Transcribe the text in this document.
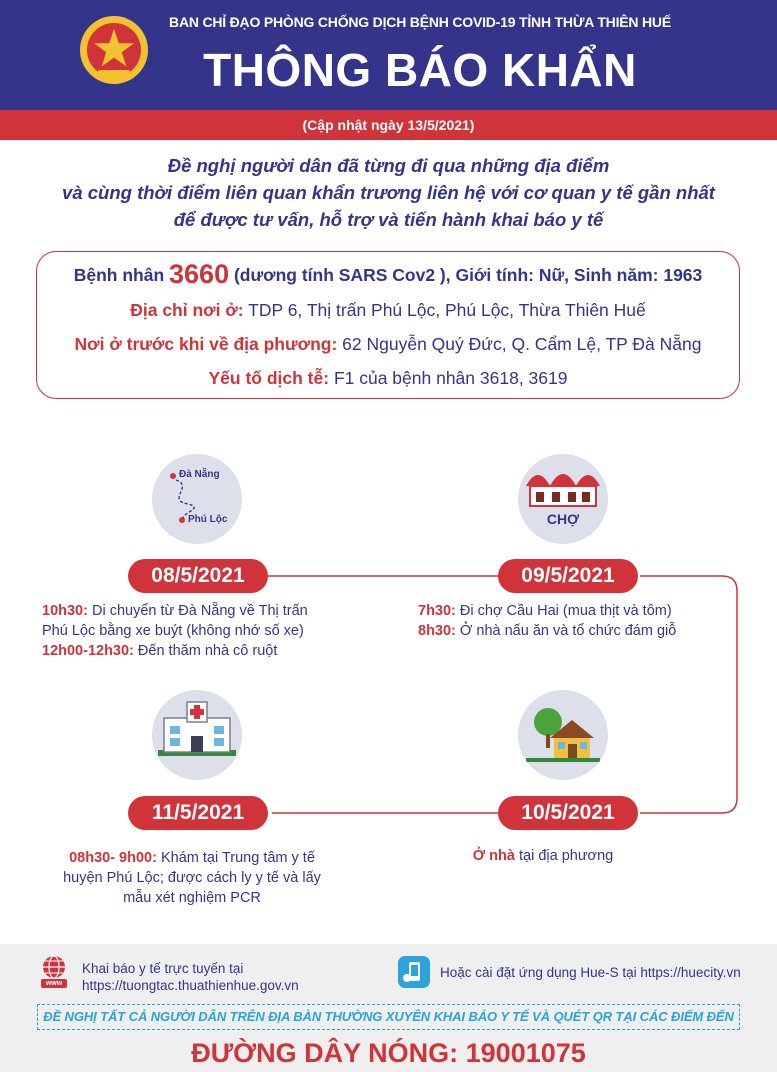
BAN CHỈ ĐẠO PHÒNG CHỐNG DỊCH BỆNH COVID-19 TỈNH THỪA THIÊN HUẾ
THÔNG BÁO KHẨN
(Cập nhật ngày 13/5/2021)
Đề nghị người dân đã từng đi qua những địa điểm
và cùng thời điểm liên quan khẩn trương liên hệ với cơ quan y tế gần nhất
để được tư vấn, hỗ trợ và tiến hành khai báo y tế
Bệnh nhân 3660 (dương tính SARS Cov2 ), Giới tính: Nữ, Sinh năm: 1963
Địa chỉ nơi ở: TDP 6, Thị trấn Phú Lộc, Phú Lộc, Thừa Thiên Huế
Nơi ở trước khi về địa phương: 62 Nguyễn Quý Đức, Q. Cẩm Lệ, TP Đà Nẵng
Yếu tố dịch tễ: F1 của bệnh nhân 3618, 3619
Đà Nẵng
Phú Lộc	CHỢ
08/5/2021	09/5/2021
11/5/2021	10/5/2021
10h30: Di chuyển từ Đà Nẵng về Thị trấn
Phú Lộc bằng xe buýt (không nhớ số xe)
12h00-12h30: Đến thăm nhà cô ruột
7h30: Đi chợ Cầu Hai (mua thịt và tôm)
8h30: Ở nhà nấu ăn và tổ chức đám giỗ
Ở nhà tại địa phương
08h30- 9h00: Khám tại Trung tâm y tế
huyện Phú Lộc; được cách ly y tế và lấy
mẫu xét nghiệm PCR
www
Khai báo y tế trực tuyến tại
https://tuongtac.thuathienhue.gov.vn
Hoặc cài đặt ứng dụng Hue-S tại https://huecity.vn
ĐỀ NGHỊ TẤT CẢ NGƯỜI DÂN TRÊN ĐỊA BÀN THƯỜNG XUYÊN KHAI BÁO Y TẾ VÀ QUÉT QR TẠI CÁC ĐIỂM ĐẾN
ĐƯỜNG DÂY NÓNG: 19001075
